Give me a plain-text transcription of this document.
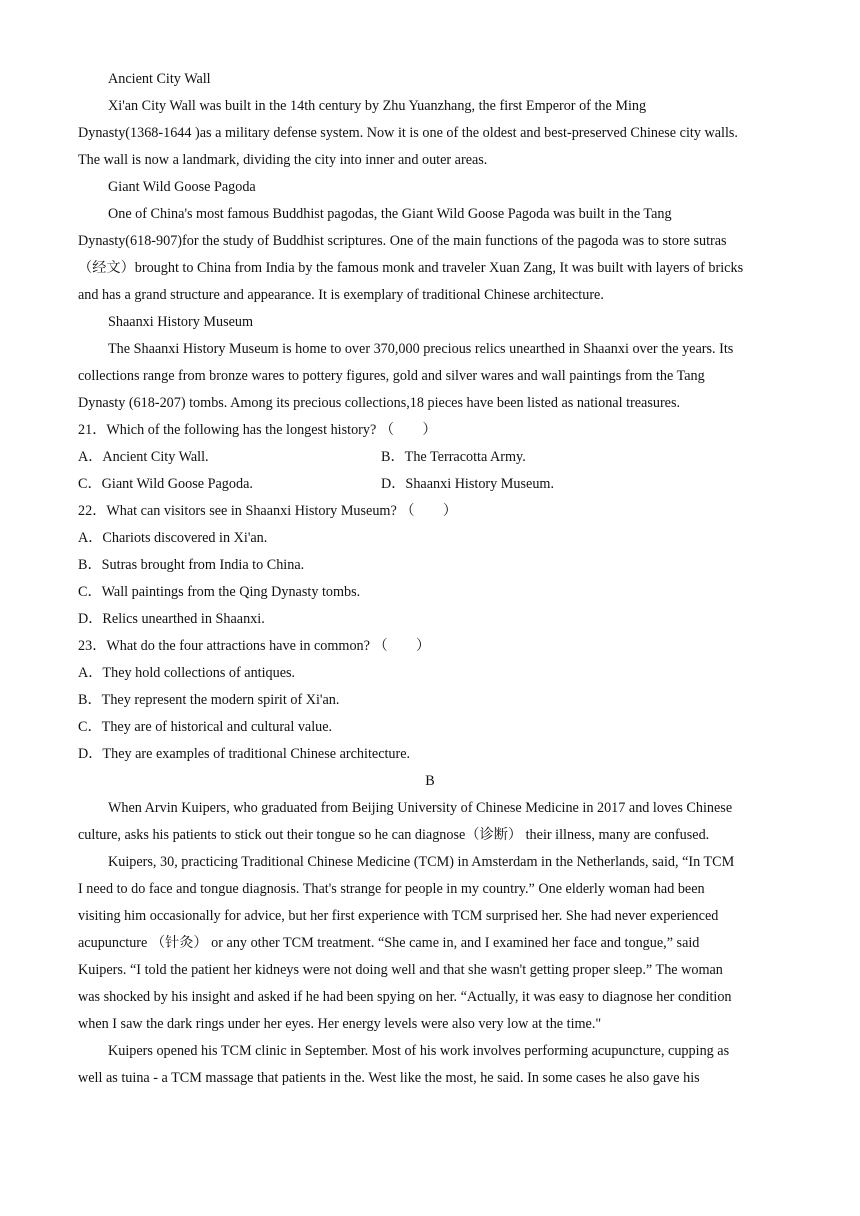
Ancient City Wall
Xi'an City Wall was built in the 14th century by Zhu Yuanzhang, the first Emperor of the Ming
Dynasty(1368-1644 )as a military defense system. Now it is one of the oldest and best-preserved Chinese city walls.
The wall is now a landmark, dividing the city into inner and outer areas.
Giant Wild Goose Pagoda
One of China's most famous Buddhist pagodas, the Giant Wild Goose Pagoda was built in the Tang
Dynasty(618-907)for the study of Buddhist scriptures. One of the main functions of the pagoda was to store sutras
（经文）brought to China from India by the famous monk and traveler Xuan Zang, It was built with layers of bricks
and has a grand structure and appearance. It is exemplary of traditional Chinese architecture.
Shaanxi History Museum
The Shaanxi History Museum is home to over 370,000 precious relics unearthed in Shaanxi over the years. Its
collections range from bronze wares to pottery figures, gold and silver wares and wall paintings from the Tang
Dynasty (618-207) tombs. Among its precious collections,18 pieces have been listed as national treasures.
21．Which of the following has the longest history? （　　）
A．Ancient City Wall.	B．The Terracotta Army.
C．Giant Wild Goose Pagoda.	D．Shaanxi History Museum.
22．What can visitors see in Shaanxi History Museum? （　　）
A．Chariots discovered in Xi'an.
B．Sutras brought from India to China.
C．Wall paintings from the Qing Dynasty tombs.
D．Relics unearthed in Shaanxi.
23．What do the four attractions have in common? （　　）
A．They hold collections of antiques.
B．They represent the modern spirit of Xi'an.
C．They are of historical and cultural value.
D．They are examples of traditional Chinese architecture.
B
When Arvin Kuipers, who graduated from Beijing University of Chinese Medicine in 2017 and loves Chinese
culture, asks his patients to stick out their tongue so he can diagnose（诊断） their illness, many are confused.
Kuipers, 30, practicing Traditional Chinese Medicine (TCM) in Amsterdam in the Netherlands, said, “In TCM
I need to do face and tongue diagnosis. That's strange for people in my country.” One elderly woman had been
visiting him occasionally for advice, but her first experience with TCM surprised her. She had never experienced
acupuncture （针灸） or any other TCM treatment. “She came in, and I examined her face and tongue,” said
Kuipers. “I told the patient her kidneys were not doing well and that she wasn't getting proper sleep.” The woman
was shocked by his insight and asked if he had been spying on her. “Actually, it was easy to diagnose her condition
when I saw the dark rings under her eyes. Her energy levels were also very low at the time."
Kuipers opened his TCM clinic in September. Most of his work involves performing acupuncture, cupping as
well as tuina - a TCM massage that patients in the. West like the most, he said. In some cases he also gave his
